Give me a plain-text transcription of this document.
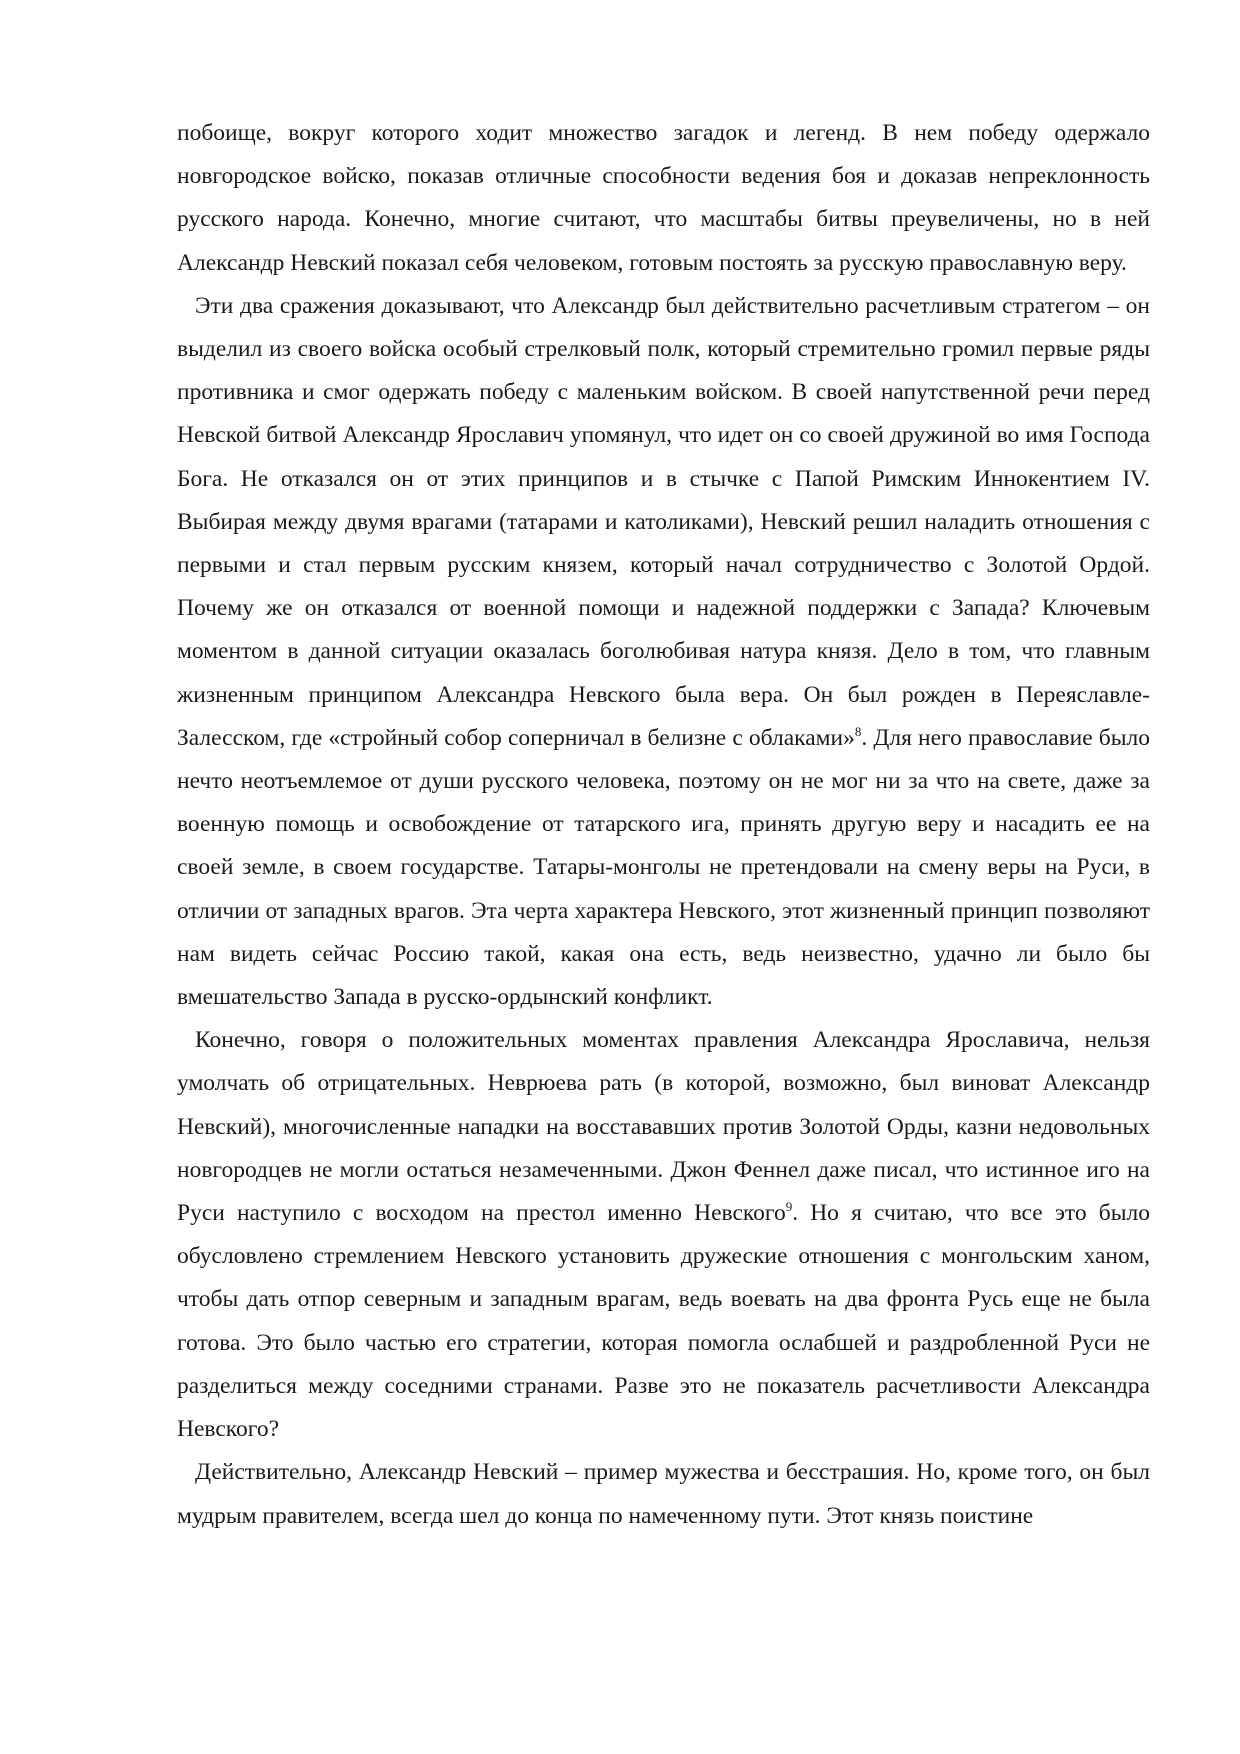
побоище, вокруг которого ходит множество загадок и легенд. В нем победу одержало новгородское войско, показав отличные способности ведения боя и доказав непреклонность русского народа. Конечно, многие считают, что масштабы битвы преувеличены, но в ней Александр Невский показал себя человеком, готовым постоять за русскую православную веру.

Эти два сражения доказывают, что Александр был действительно расчетливым стратегом – он выделил из своего войска особый стрелковый полк, который стремительно громил первые ряды противника и смог одержать победу с маленьким войском. В своей напутственной речи перед Невской битвой Александр Ярославич упомянул, что идет он со своей дружиной во имя Господа Бога. Не отказался он от этих принципов и в стычке с Папой Римским Иннокентием IV. Выбирая между двумя врагами (татарами и католиками), Невский решил наладить отношения с первыми и стал первым русским князем, который начал сотрудничество с Золотой Ордой. Почему же он отказался от военной помощи и надежной поддержки с Запада? Ключевым моментом в данной ситуации оказалась боголюбивая натура князя. Дело в том, что главным жизненным принципом Александра Невского была вера. Он был рожден в Переяславле-Залесском, где «стройный собор соперничал в белизне с облаками»$^8$. Для него православие было нечто неотъемлемое от души русского человека, поэтому он не мог ни за что на свете, даже за военную помощь и освобождение от татарского ига, принять другую веру и насадить ее на своей земле, в своем государстве. Татары-монголы не претендовали на смену веры на Руси, в отличии от западных врагов. Эта черта характера Невского, этот жизненный принцип позволяют нам видеть сейчас Россию такой, какая она есть, ведь неизвестно, удачно ли было бы вмешательство Запада в русско-ордынский конфликт.

Конечно, говоря о положительных моментах правления Александра Ярославича, нельзя умолчать об отрицательных. Неврюева рать (в которой, возможно, был виноват Александр Невский), многочисленные нападки на восстававших против Золотой Орды, казни недовольных новгородцев не могли остаться незамеченными. Джон Феннел даже писал, что истинное иго на Руси наступило с восходом на престол именно Невского$^9$. Но я считаю, что все это было обусловлено стремлением Невского установить дружеские отношения с монгольским ханом, чтобы дать отпор северным и западным врагам, ведь воевать на два фронта Русь еще не была готова. Это было частью его стратегии, которая помогла ослабшей и раздробленной Руси не разделиться между соседними странами. Разве это не показатель расчетливости Александра Невского?

Действительно, Александр Невский – пример мужества и бесстрашия. Но, кроме того, он был мудрым правителем, всегда шел до конца по намеченному пути. Этот князь поистине
